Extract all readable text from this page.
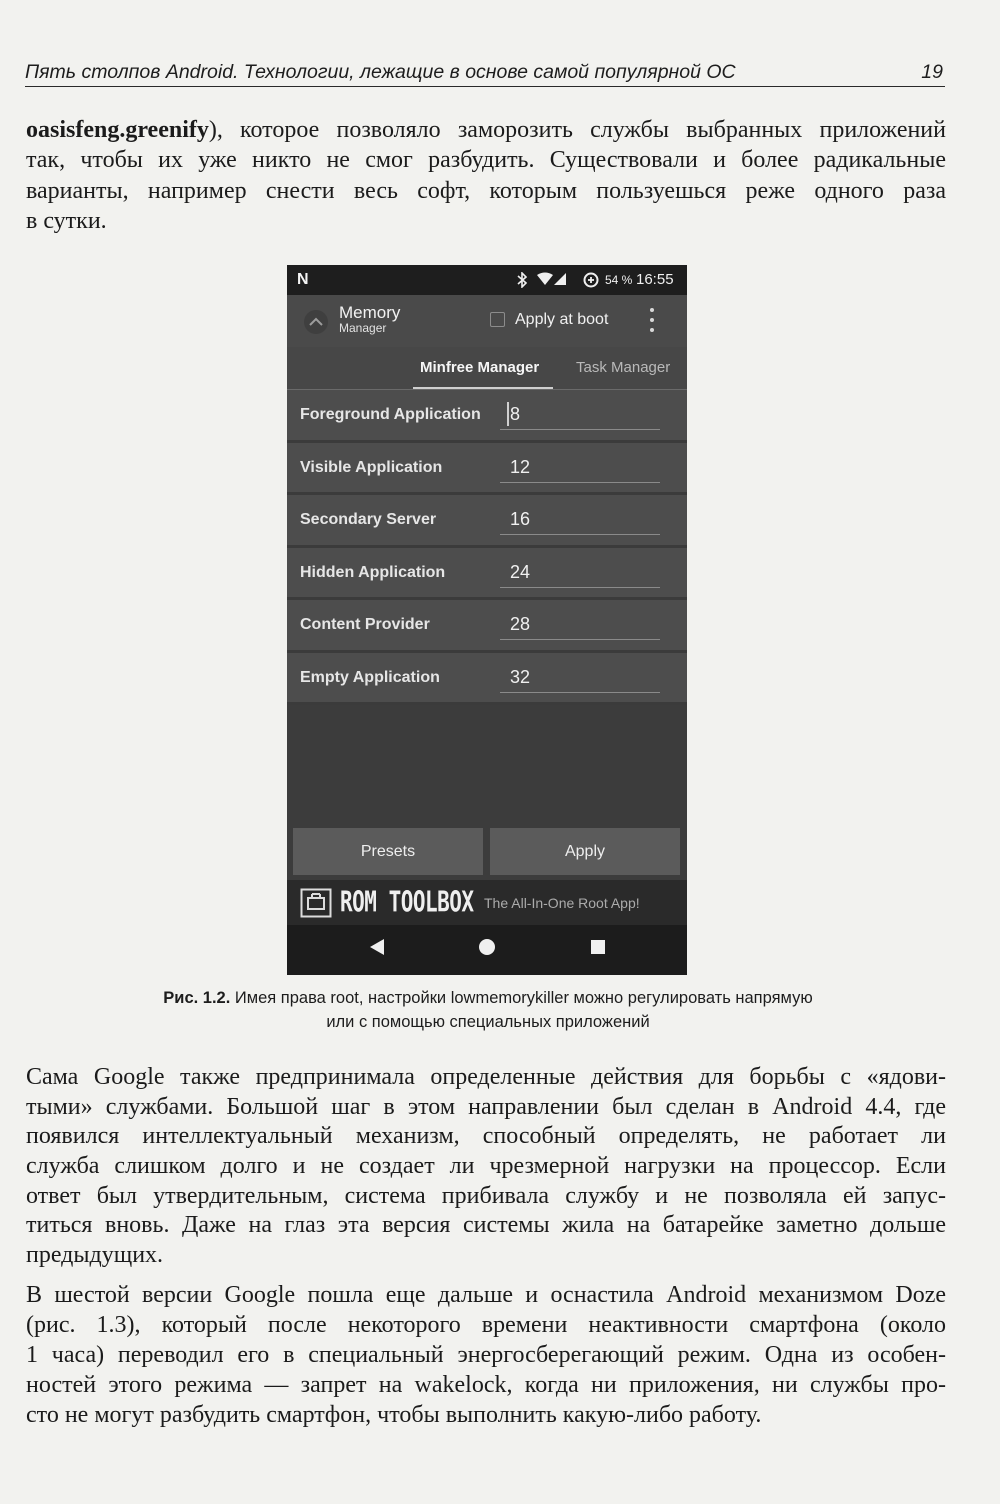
Пять столпов Android. Технологии, лежащие в основе самой популярной ОС	19
oasisfeng.greenify), которое позволяло заморозить службы выбранных приложений
так, чтобы их уже никто не смог разбудить. Существовали и более радикальные
варианты, например снести весь софт, которым пользуешься реже одного раза
в сутки.
N	54 % 16:55
Memory
Manager	Apply at boot
Minfree Manager Task Manager
Foreground Application 8
Visible Application	12
Secondary Server	16
Hidden Application	24
Content Provider	28
Empty Application	32
Presets	Apply
ROM TOOLBOX The All-In-One Root App!
Рис. 1.2. Имея права root, настройки lowmemorykiller можно регулировать напрямую
или с помощью специальных приложений
Сама Google также предпринимала определенные действия для борьбы с «ядови-
тыми» службами. Большой шаг в этом направлении был сделан в Android 4.4, где
появился интеллектуальный механизм, способный определять, не работает ли
служба слишком долго и не создает ли чрезмерной нагрузки на процессор. Если
ответ был утвердительным, система прибивала службу и не позволяла ей запус-
титься вновь. Даже на глаз эта версия системы жила на батарейке заметно дольше
предыдущих.
В шестой версии Google пошла еще дальше и оснастила Android механизмом Doze
(рис. 1.3), который после некоторого времени неактивности смартфона (около
1 часа) переводил его в специальный энергосберегающий режим. Одна из особен-
ностей этого режима — запрет на wakelock, когда ни приложения, ни службы про-
сто не могут разбудить смартфон, чтобы выполнить какую-либо работу.
